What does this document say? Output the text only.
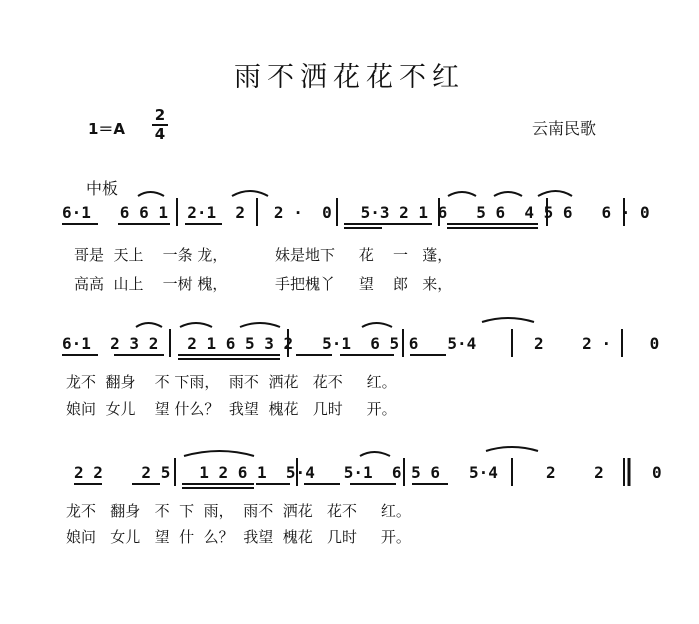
雨不洒花花不红
1＝A
2
4	云南民歌
中板
6·1   6 6 1  2·1  2   2 ·  0   5·3 2 1 6   5 6  4 5 6   6 · 0
哥是  天上    一条 龙，          妹是地下     花    一   蓬，
高高  山上    一树 槐，          手把槐丫     望    郎   来，
6·1  2 3 2   2 1 6 5 3 2   5·1  6 5 6   5·4      2    2 ·    0
龙不  翻身    不 下雨，  雨不  洒花   花不     红。
娘问  女儿    望 什么？  我望  槐花   几时     开。
2 2    2 5   1 2 6 1  5·4   5·1  6 5 6   5·4     2    2     0
龙不   翻身   不  下  雨，  雨不  洒花   花不     红。
娘问   女儿   望  什  么？  我望  槐花   几时     开。
